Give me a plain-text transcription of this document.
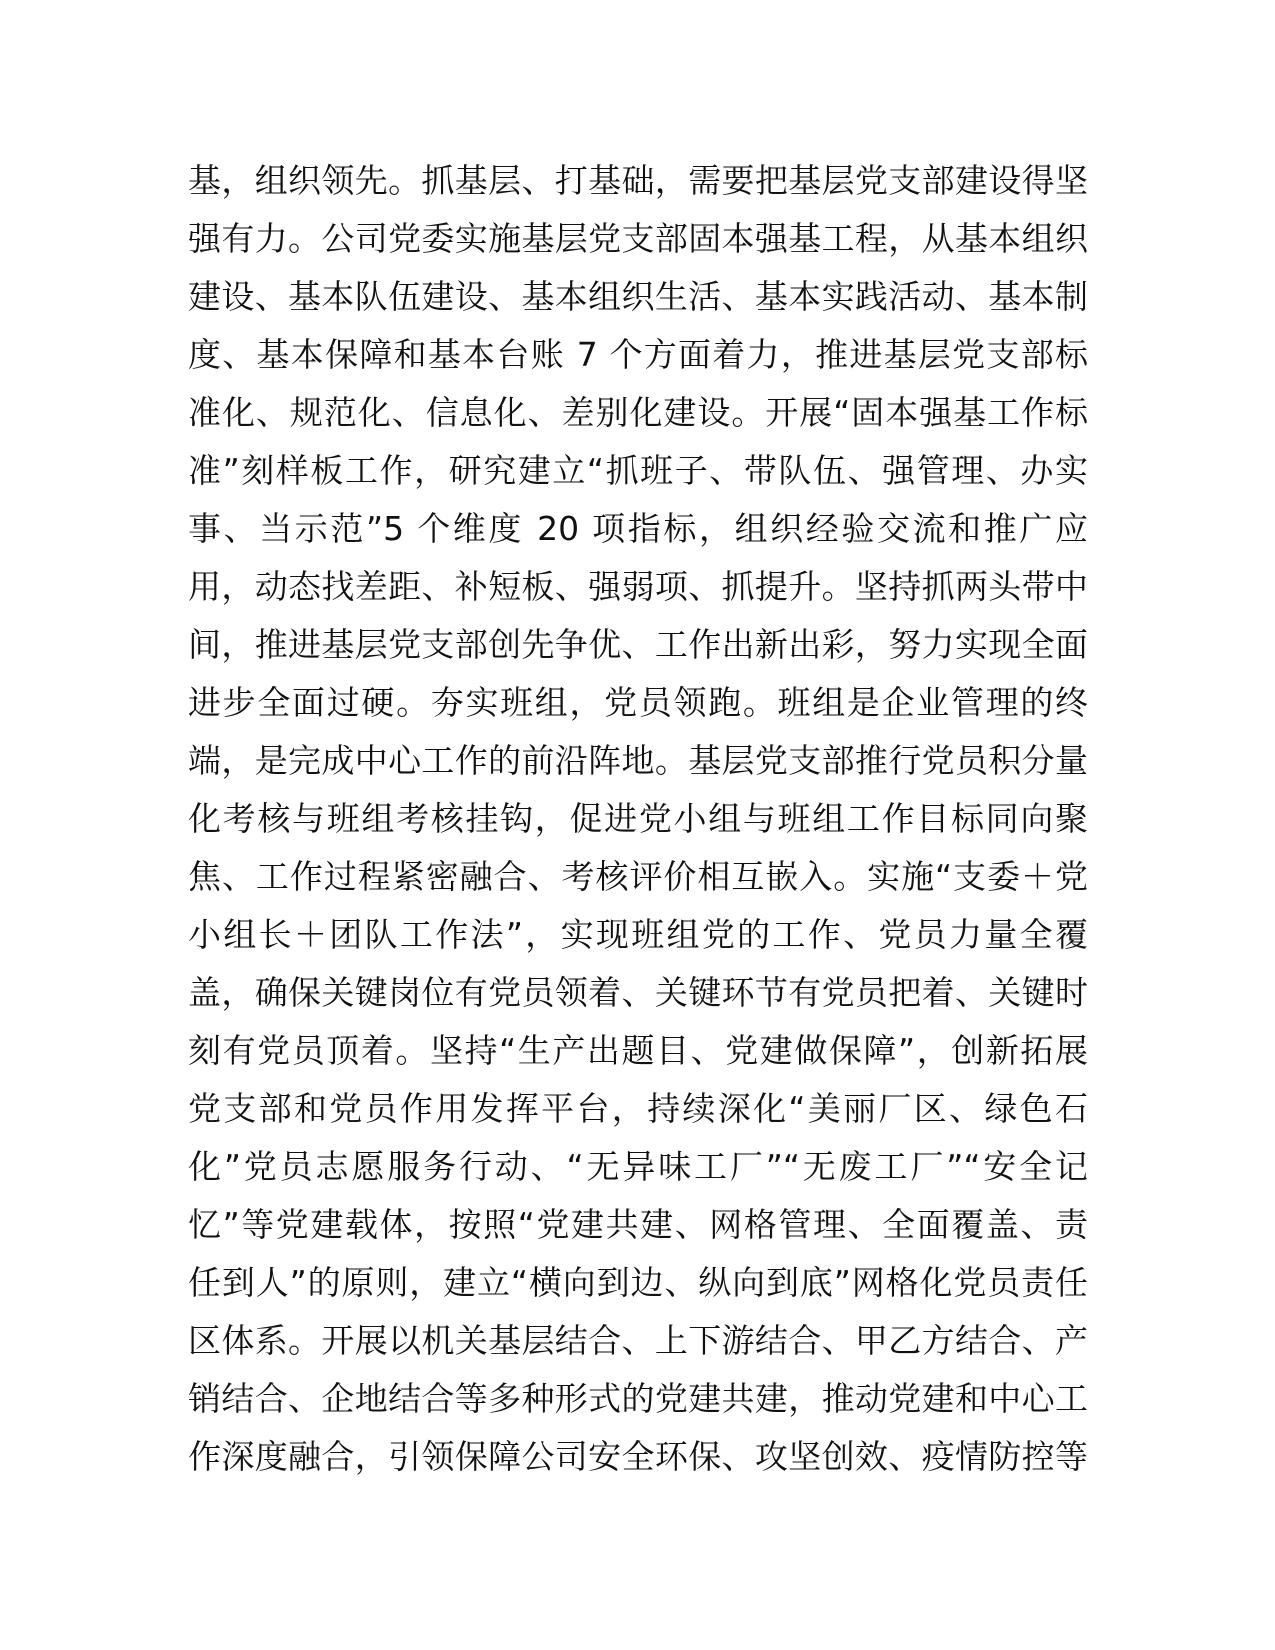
基，组织领先。抓基层、打基础，需要把基层党支部建设得坚
强有力。公司党委实施基层党支部固本强基工程，从基本组织
建设、基本队伍建设、基本组织生活、基本实践活动、基本制
度、基本保障和基本台账 7 个方面着力，推进基层党支部标
准化、规范化、信息化、差别化建设。开展“固本强基工作标
准”刻样板工作，研究建立“抓班子、带队伍、强管理、办实
事、当示范”5 个维度 20 项指标，组织经验交流和推广应
用，动态找差距、补短板、强弱项、抓提升。坚持抓两头带中
间，推进基层党支部创先争优、工作出新出彩，努力实现全面
进步全面过硬。夯实班组，党员领跑。班组是企业管理的终
端，是完成中心工作的前沿阵地。基层党支部推行党员积分量
化考核与班组考核挂钩，促进党小组与班组工作目标同向聚
焦、工作过程紧密融合、考核评价相互嵌入。实施“支委＋党
小组长＋团队工作法”，实现班组党的工作、党员力量全覆
盖，确保关键岗位有党员领着、关键环节有党员把着、关键时
刻有党员顶着。坚持“生产出题目、党建做保障”，创新拓展
党支部和党员作用发挥平台，持续深化“美丽厂区、绿色石
化”党员志愿服务行动、“无异味工厂”“无废工厂”“安全记
忆”等党建载体，按照“党建共建、网格管理、全面覆盖、责
任到人”的原则，建立“横向到边、纵向到底”网格化党员责任
区体系。开展以机关基层结合、上下游结合、甲乙方结合、产
销结合、企地结合等多种形式的党建共建，推动党建和中心工
作深度融合，引领保障公司安全环保、攻坚创效、疫情防控等
